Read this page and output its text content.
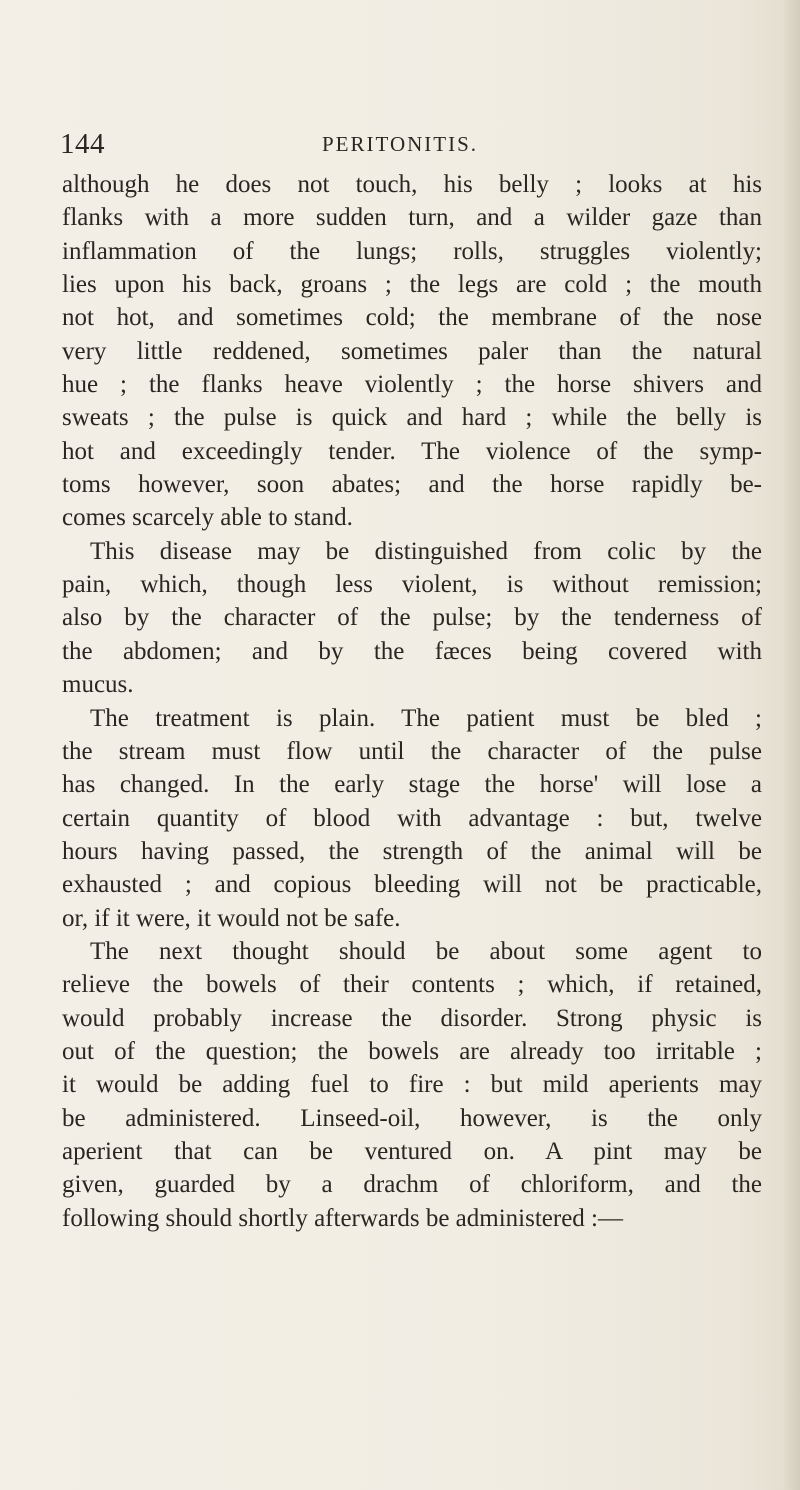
144	PERITONITIS.
although he does not touch, his belly ; looks at his
flanks with a more sudden turn, and a wilder gaze than
inflammation of the lungs; rolls, struggles violently;
lies upon his back, groans ; the legs are cold ; the mouth
not hot, and sometimes cold; the membrane of the nose
very little reddened, sometimes paler than the natural
hue ; the flanks heave violently ; the horse shivers and
sweats ; the pulse is quick and hard ; while the belly is
hot and exceedingly tender. The violence of the symp-
toms however, soon abates; and the horse rapidly be-
comes scarcely able to stand.
This disease may be distinguished from colic by the
pain, which, though less violent, is without remission;
also by the character of the pulse; by the tenderness of
the abdomen; and by the fæces being covered with
mucus.
The treatment is plain. The patient must be bled ;
the stream must flow until the character of the pulse
has changed. In the early stage the horse' will lose a
certain quantity of blood with advantage : but, twelve
hours having passed, the strength of the animal will be
exhausted ; and copious bleeding will not be practicable,
or, if it were, it would not be safe.
The next thought should be about some agent to
relieve the bowels of their contents ; which, if retained,
would probably increase the disorder. Strong physic is
out of the question; the bowels are already too irritable ;
it would be adding fuel to fire : but mild aperients may
be administered. Linseed-oil, however, is the only
aperient that can be ventured on. A pint may be
given, guarded by a drachm of chloriform, and the
following should shortly afterwards be administered :—
